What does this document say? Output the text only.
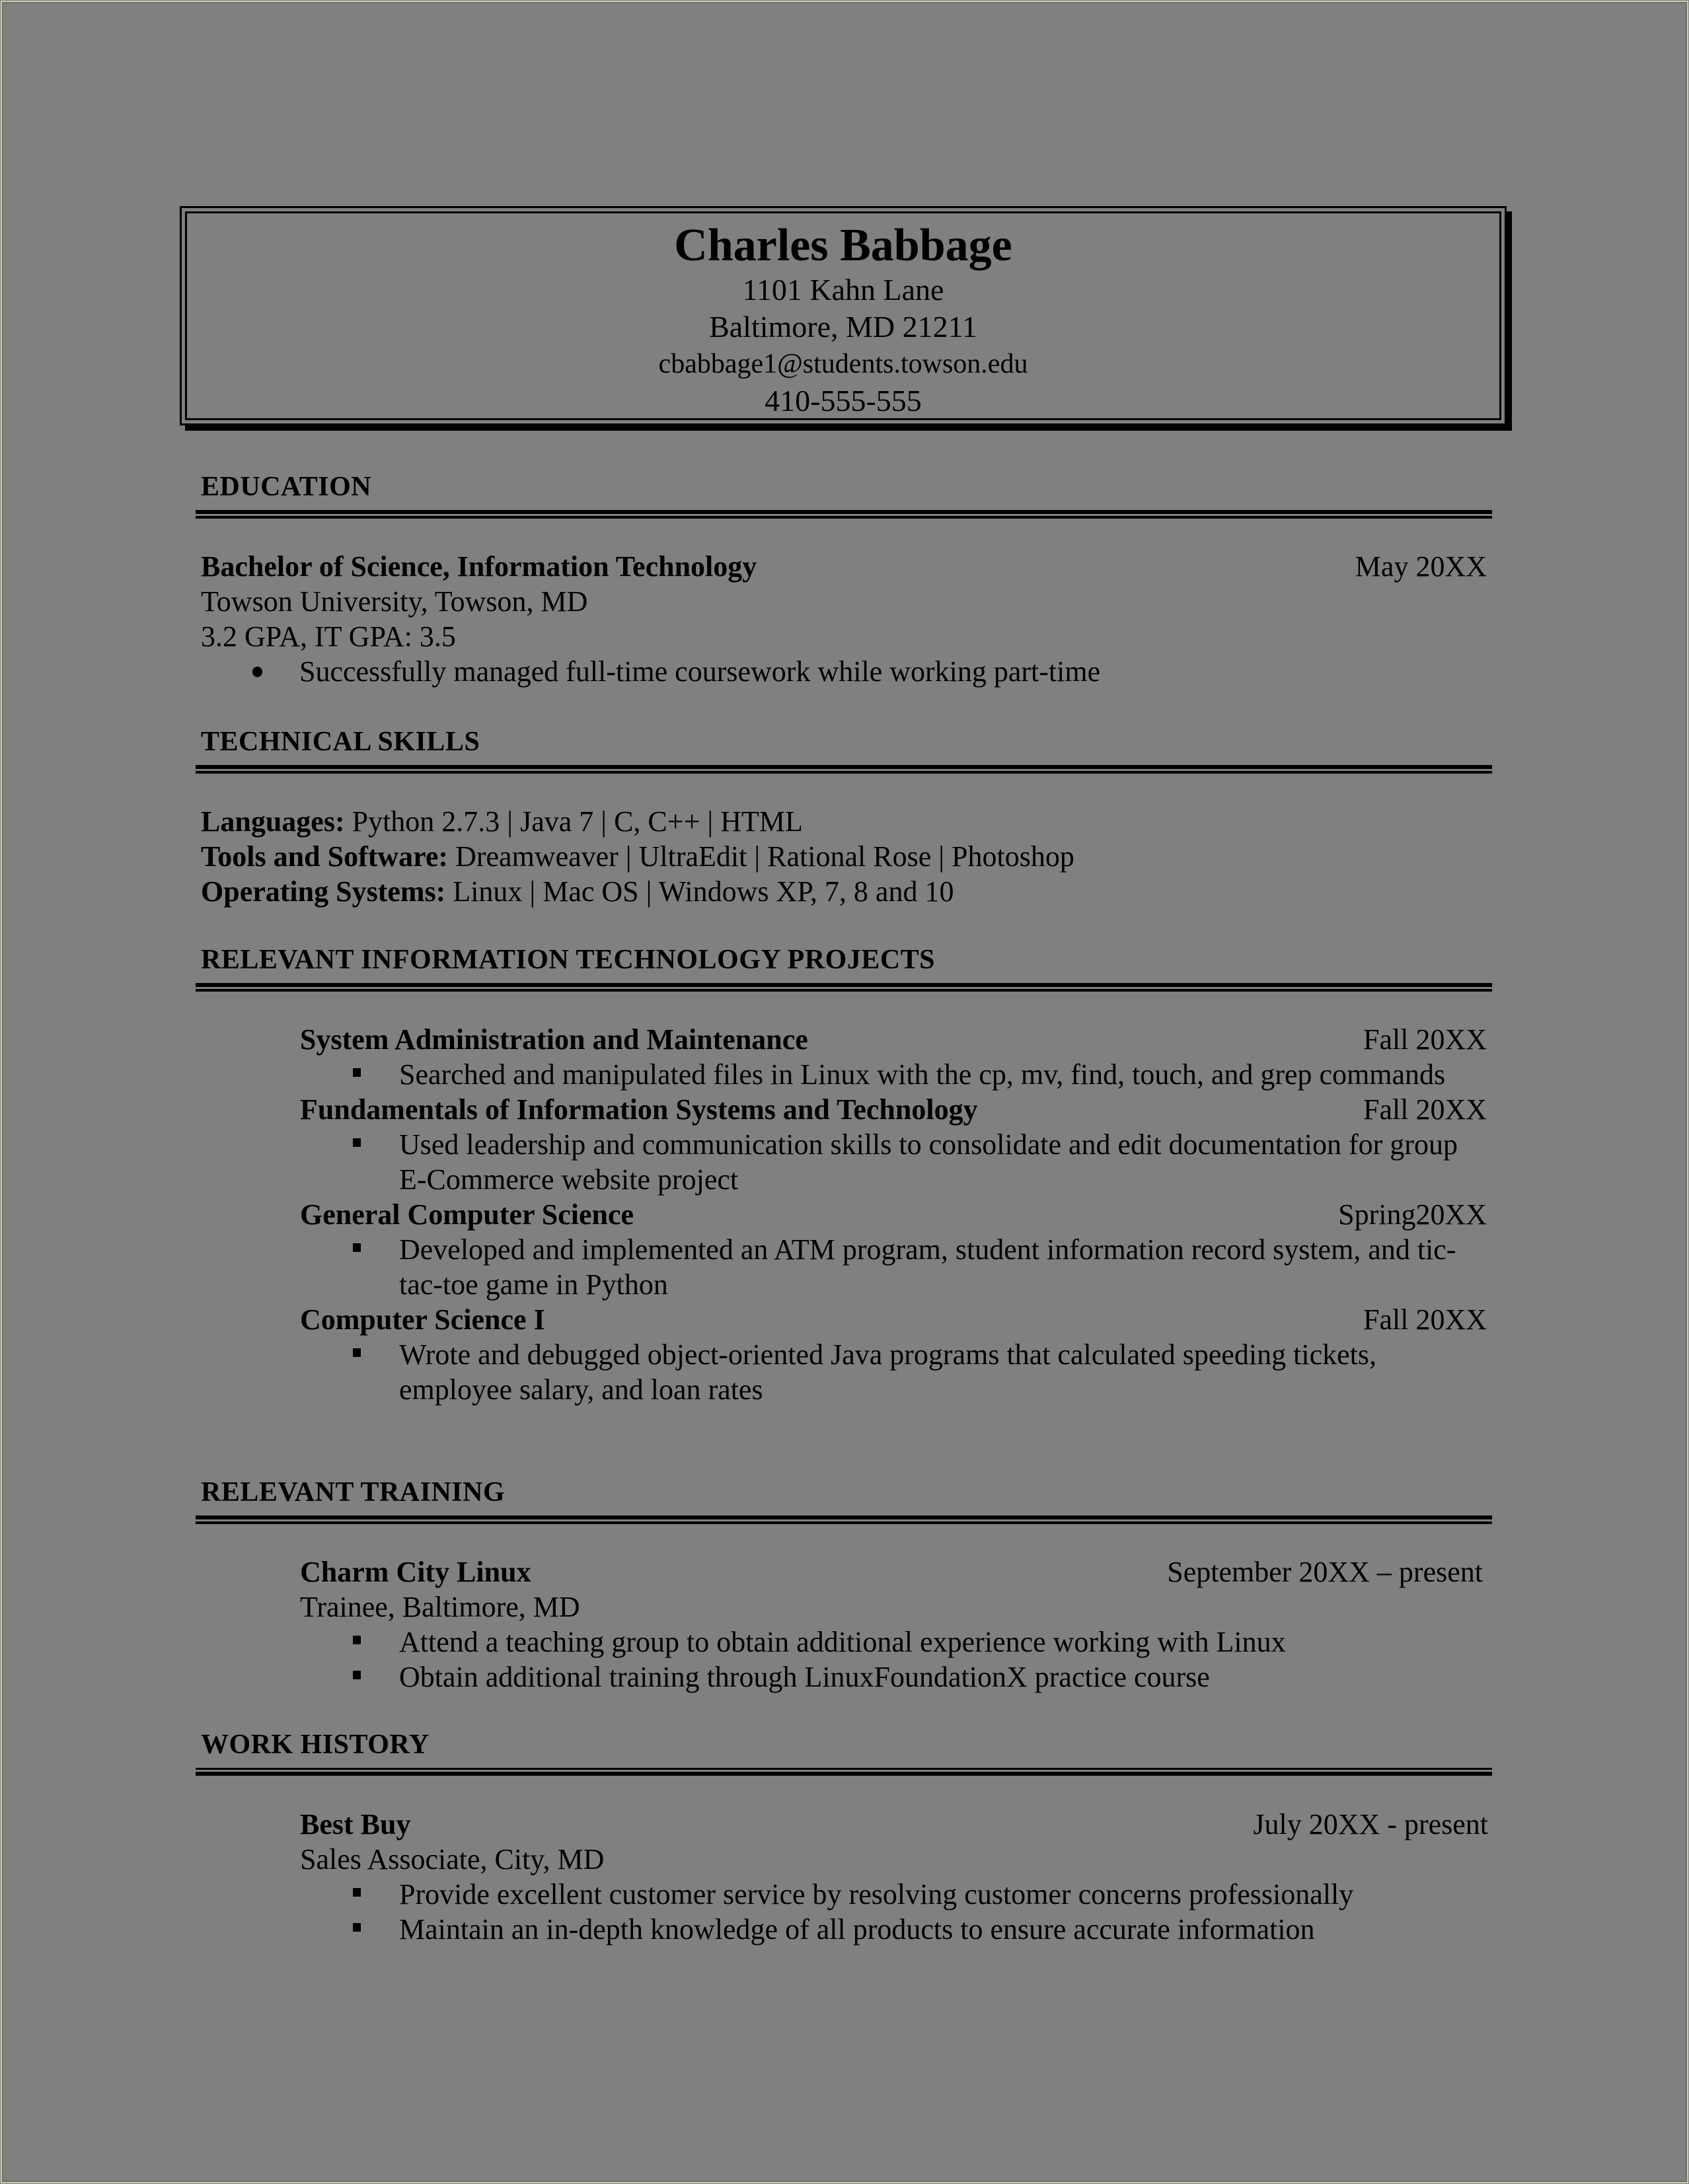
Charles Babbage
1101 Kahn Lane
Baltimore, MD 21211
cbabbage1@students.towson.edu
410-555-555
EDUCATION
Bachelor of Science, Information Technology	May 20XX
Towson University, Towson, MD
3.2 GPA, IT GPA: 3.5
Successfully managed full-time coursework while working part-time
TECHNICAL SKILLS
Languages: Python 2.7.3 | Java 7 | C, C++ | HTML
Tools and Software: Dreamweaver | UltraEdit | Rational Rose | Photoshop
Operating Systems: Linux | Mac OS | Windows XP, 7, 8 and 10
RELEVANT INFORMATION TECHNOLOGY PROJECTS
System Administration and Maintenance	Fall 20XX
Searched and manipulated files in Linux with the cp, mv, find, touch, and grep commands
Fundamentals of Information Systems and Technology	Fall 20XX
Used leadership and communication skills to consolidate and edit documentation for group E-Commerce website project
General Computer Science	Spring20XX
Developed and implemented an ATM program, student information record system, and tic-tac-toe game in Python
Computer Science I	Fall 20XX
Wrote and debugged object-oriented Java programs that calculated speeding tickets, employee salary, and loan rates
RELEVANT TRAINING
Charm City Linux	September 20XX – present
Trainee, Baltimore, MD
Attend a teaching group to obtain additional experience working with Linux
Obtain additional training through LinuxFoundationX practice course
WORK HISTORY
Best Buy	July 20XX - present
Sales Associate, City, MD
Provide excellent customer service by resolving customer concerns professionally
Maintain an in-depth knowledge of all products to ensure accurate information
